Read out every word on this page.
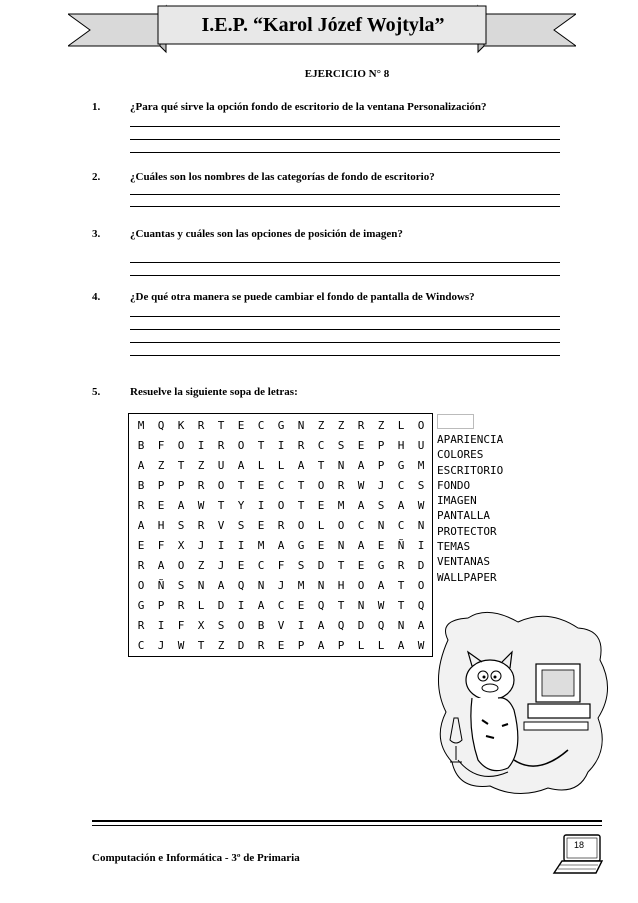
I.E.P. “Karol Józef Wojtyla”
EJERCICIO N° 8
1.	¿Para qué sirve la opción fondo de escritorio de la ventana Personalización?
2.	¿Cuáles son los nombres de las categorías de fondo de escritorio?
3.	¿Cuantas y cuáles son las opciones de posición de imagen?
4.	¿De qué otra manera se puede cambiar el fondo de pantalla de Windows?
5.	Resuelve la siguiente sopa de letras:
M	Q	K	R	T	E	C	G	N	Z	Z	R	Z	L	O
B	F	O	I	R	O	T	I	R	C	S	E	P	H	U
A	Z	T	Z	U	A	L	L	A	T	N	A	P	G	M
B	P	P	R	O	T	E	C	T	O	R	W	J	C	S
R	E	A	W	T	Y	I	O	T	E	M	A	S	A	W
A	H	S	R	V	S	E	R	O	L	O	C	N	C	N
E	F	X	J	I	I	M	A	G	E	N	A	E	Ñ	I
R	A	O	Z	J	E	C	F	S	D	T	E	G	R	D
O	Ñ	S	N	A	Q	N	J	M	N	H	O	A	T	O
G	P	R	L	D	I	A	C	E	Q	T	N	W	T	Q
R	I	F	X	S	O	B	V	I	A	Q	D	Q	N	A
C	J	W	T	Z	D	R	E	P	A	P	L	L	A	W
APARIENCIA
COLORES
ESCRITORIO
FONDO
IMAGEN
PANTALLA
PROTECTOR
TEMAS
VENTANAS
WALLPAPER
Computación e Informática - 3º de Primaria
18
